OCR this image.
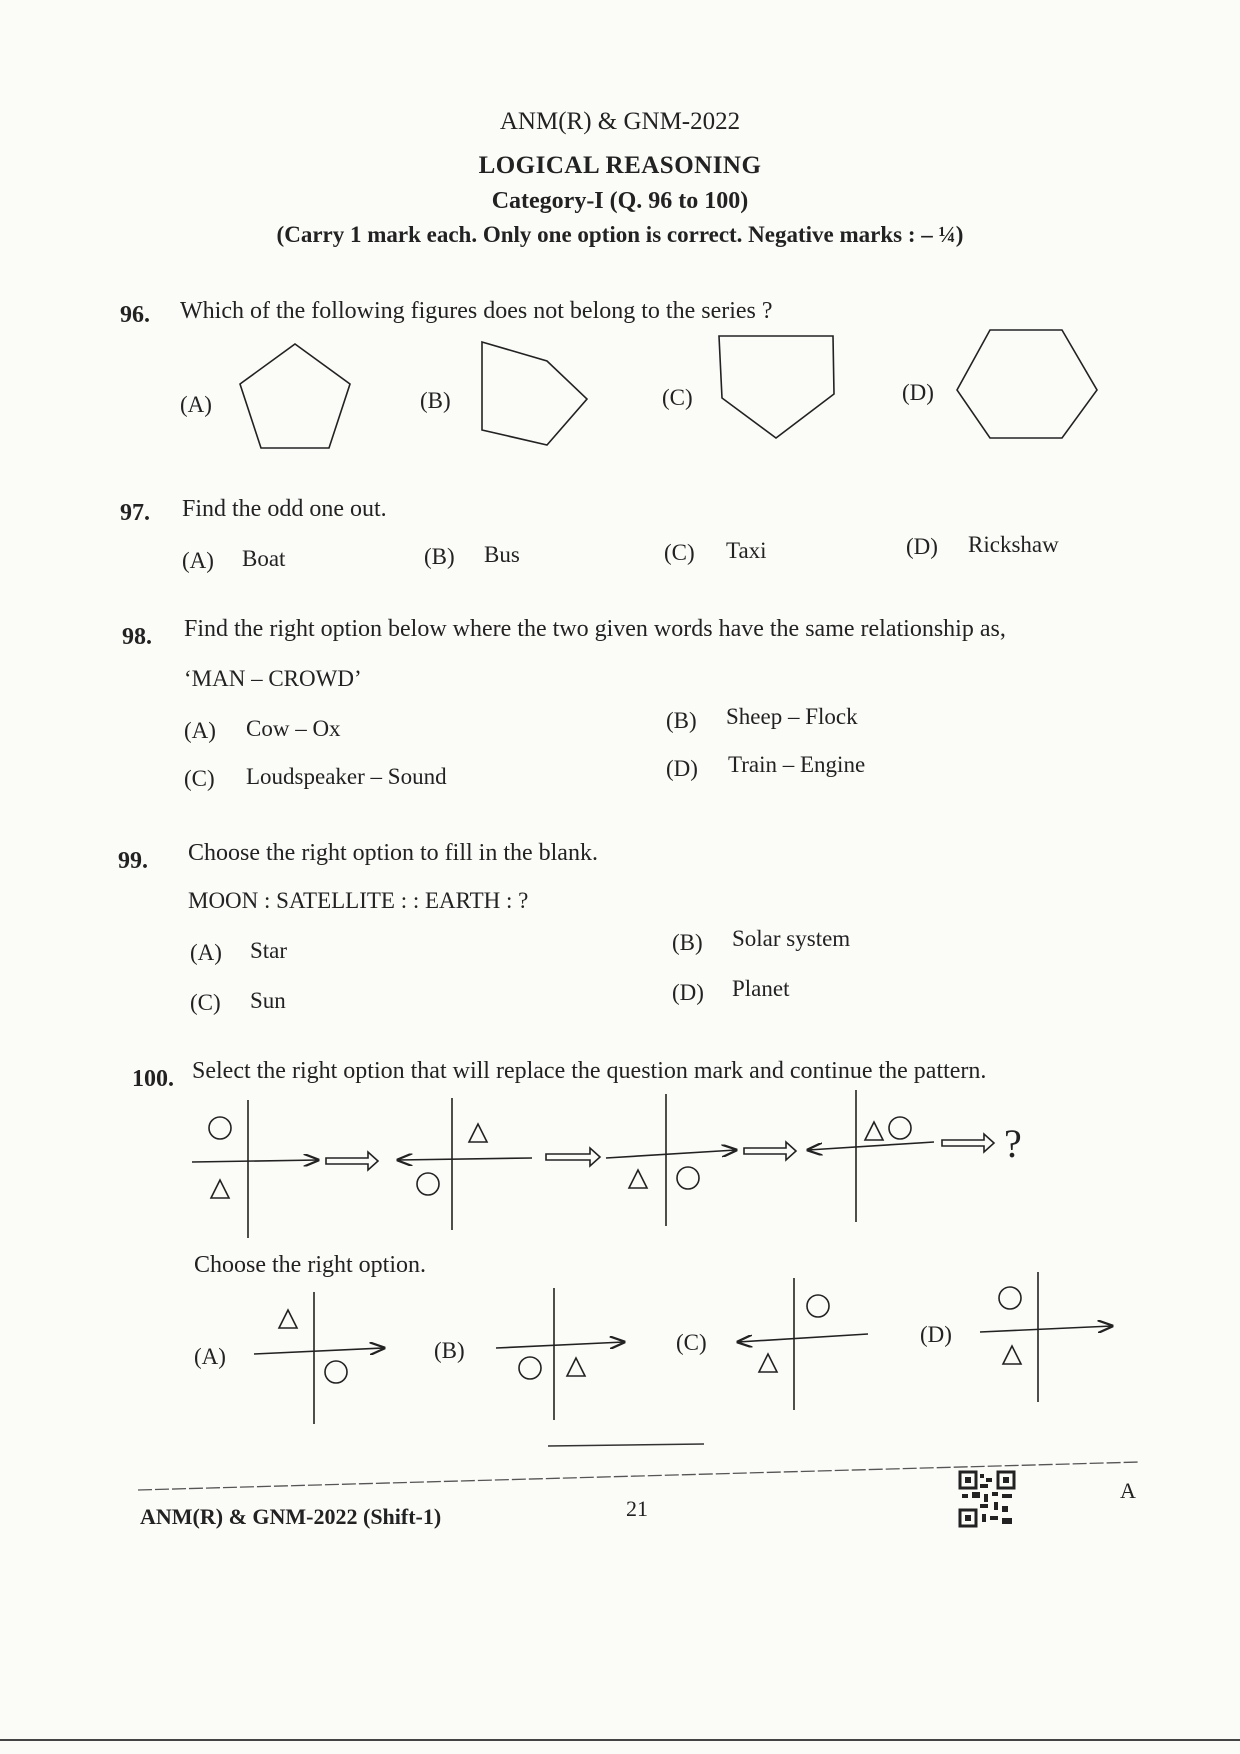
ANM(R) & GNM-2022
LOGICAL REASONING
Category-I (Q. 96 to 100)
(Carry 1 mark each. Only one option is correct. Negative marks : – ¼)
96. Which of the following figures does not belong to the series ?
(A)	(B)	(C)	(D)
97. Find the odd one out.
(A) Boat	(B) Bus	(C) Taxi	(D) Rickshaw
98. Find the right option below where the two given words have the same relationship as,
‘MAN – CROWD’
(A) Cow – Ox	(B) Sheep – Flock
(C) Loudspeaker – Sound	(D) Train – Engine
99. Choose the right option to fill in the blank.
MOON : SATELLITE : : EARTH : ?
(A) Star	(B) Solar system
(C) Sun	(D) Planet
100. Select the right option that will replace the question mark and continue the pattern.
?
Choose the right option.
(A)	(B)	(C)	(D)
ANM(R) & GNM-2022 (Shift-1)	21
A
